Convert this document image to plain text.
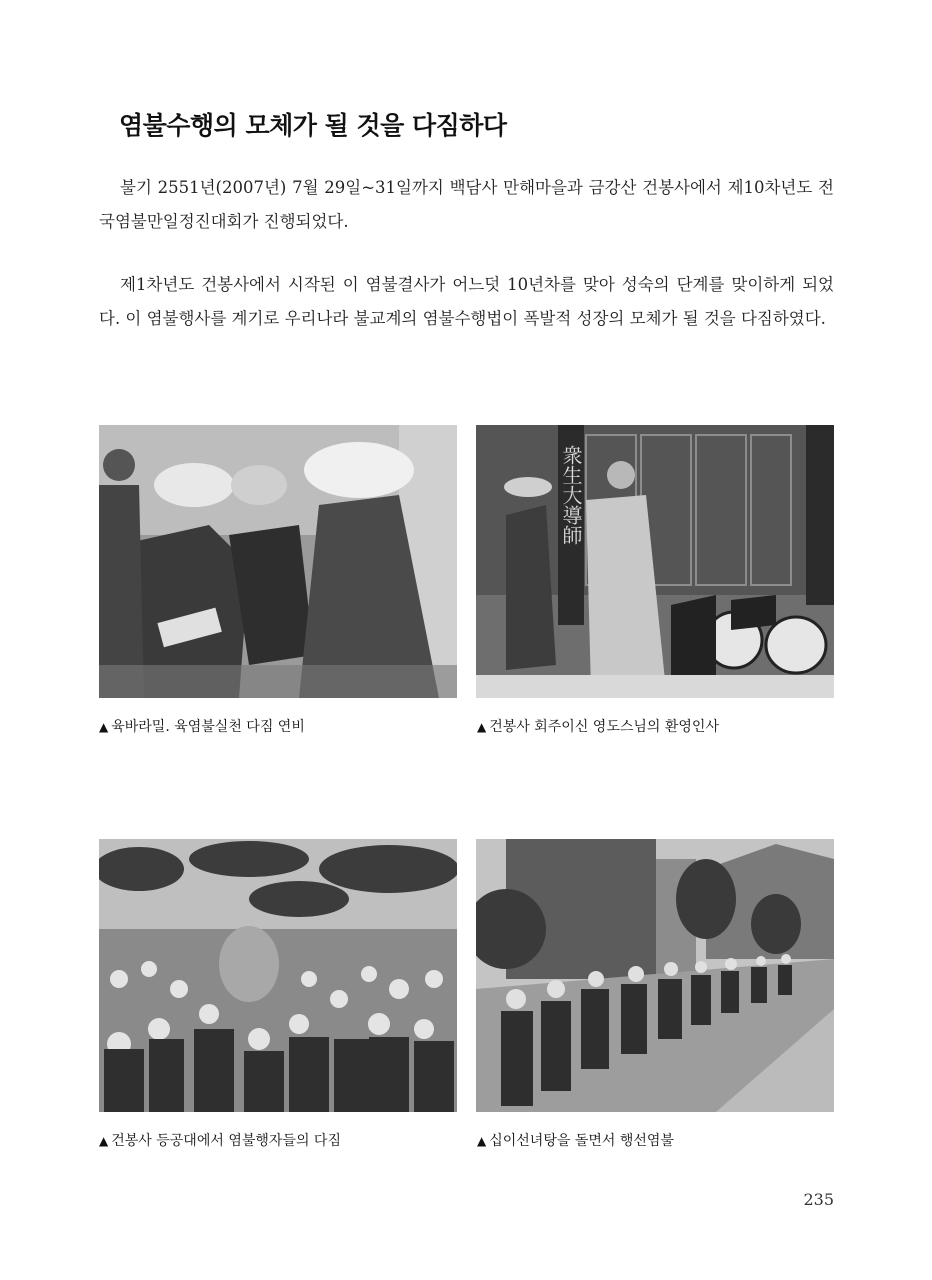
염불수행의 모체가 될 것을 다짐하다
불기 2551년(2007년) 7월 29일~31일까지 백담사 만해마을과 금강산 건봉사에서 제10차년도 전국염불만일정진대회가 진행되었다.
제1차년도 건봉사에서 시작된 이 염불결사가 어느덧 10년차를 맞아 성숙의 단계를 맞이하게 되었다. 이 염불행사를 계기로 우리나라 불교계의 염불수행법이 폭발적 성장의 모체가 될 것을 다짐하였다.
衆生大導師
▲ 육바라밀. 육염불실천 다짐 연비	▲ 건봉사 회주이신 영도스님의 환영인사
▲ 건봉사 등공대에서 염불행자들의 다짐	▲ 십이선녀탕을 돌면서 행선염불
235
